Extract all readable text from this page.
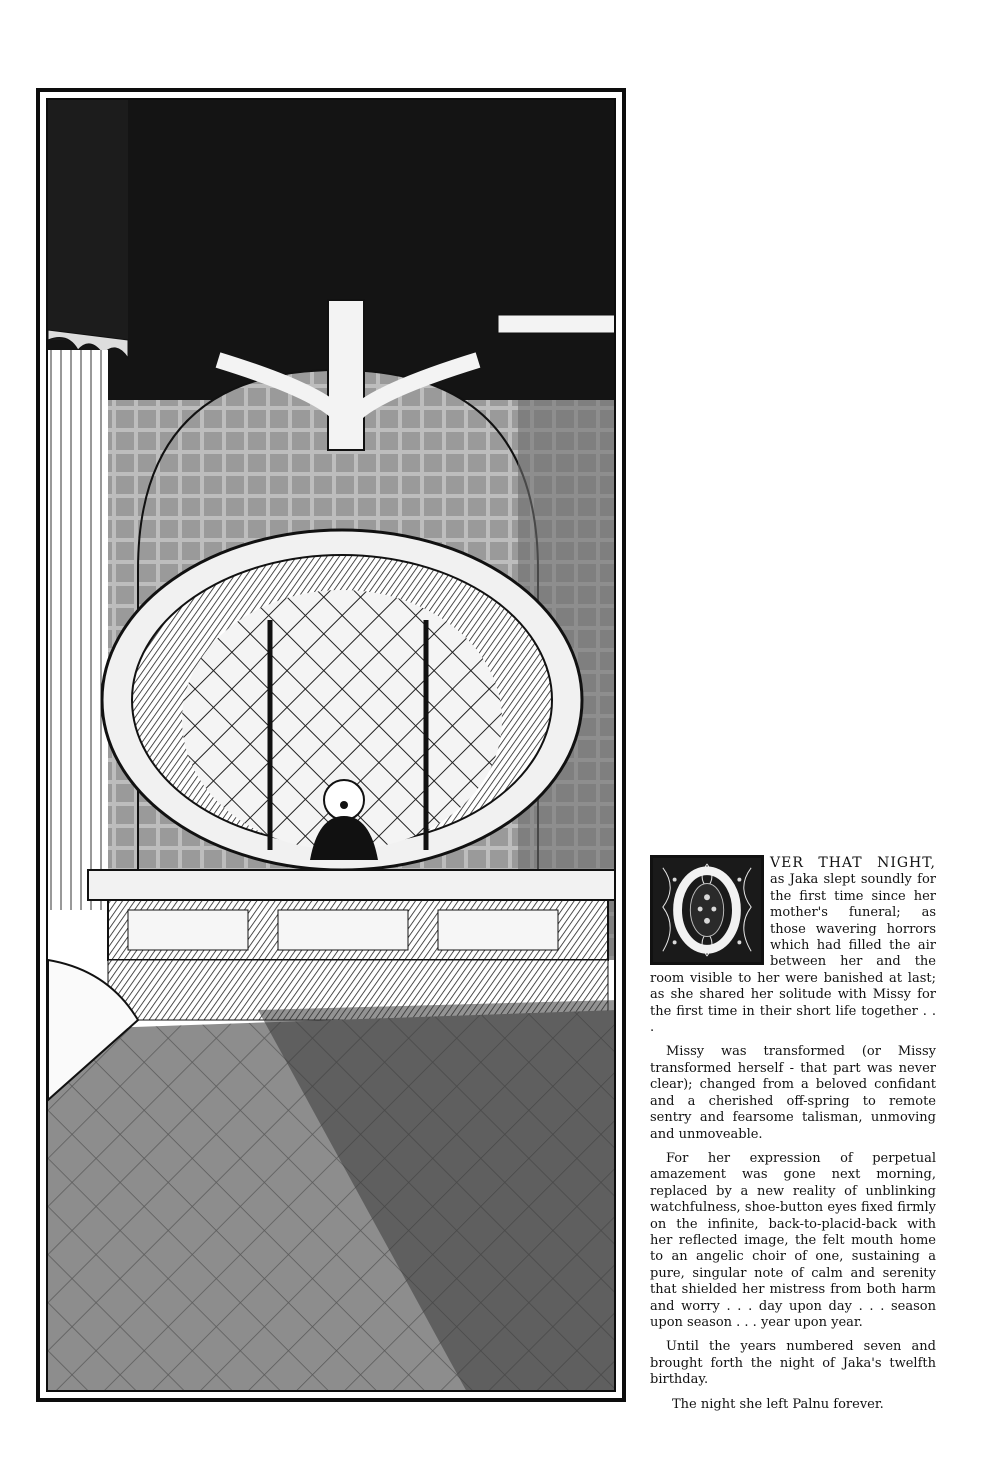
VER THAT NIGHT, as Jaka slept soundly for the first time since her mother's funeral; as those wavering horrors which had filled the air between her and the room visible to her were banished at last; as she shared her solitude with Missy for the first time in their short life together . . .

Missy was transformed (or Missy transformed herself - that part was never clear); changed from a beloved confidant and a cherished off-spring to remote sentry and fearsome talisman, unmoving and unmoveable.

For her expression of perpetual amazement was gone next morning, replaced by a new reality of unblinking watchfulness, shoe-button eyes fixed firmly on the infinite, back-to-placid-back with her reflected image, the felt mouth home to an angelic choir of one, sustaining a pure, singular note of calm and serenity that shielded her mistress from both harm and worry . . . day upon day . . . season upon season . . . year upon year.

Until the years numbered seven and brought forth the night of Jaka's twelfth birthday.

The night she left Palnu forever.
